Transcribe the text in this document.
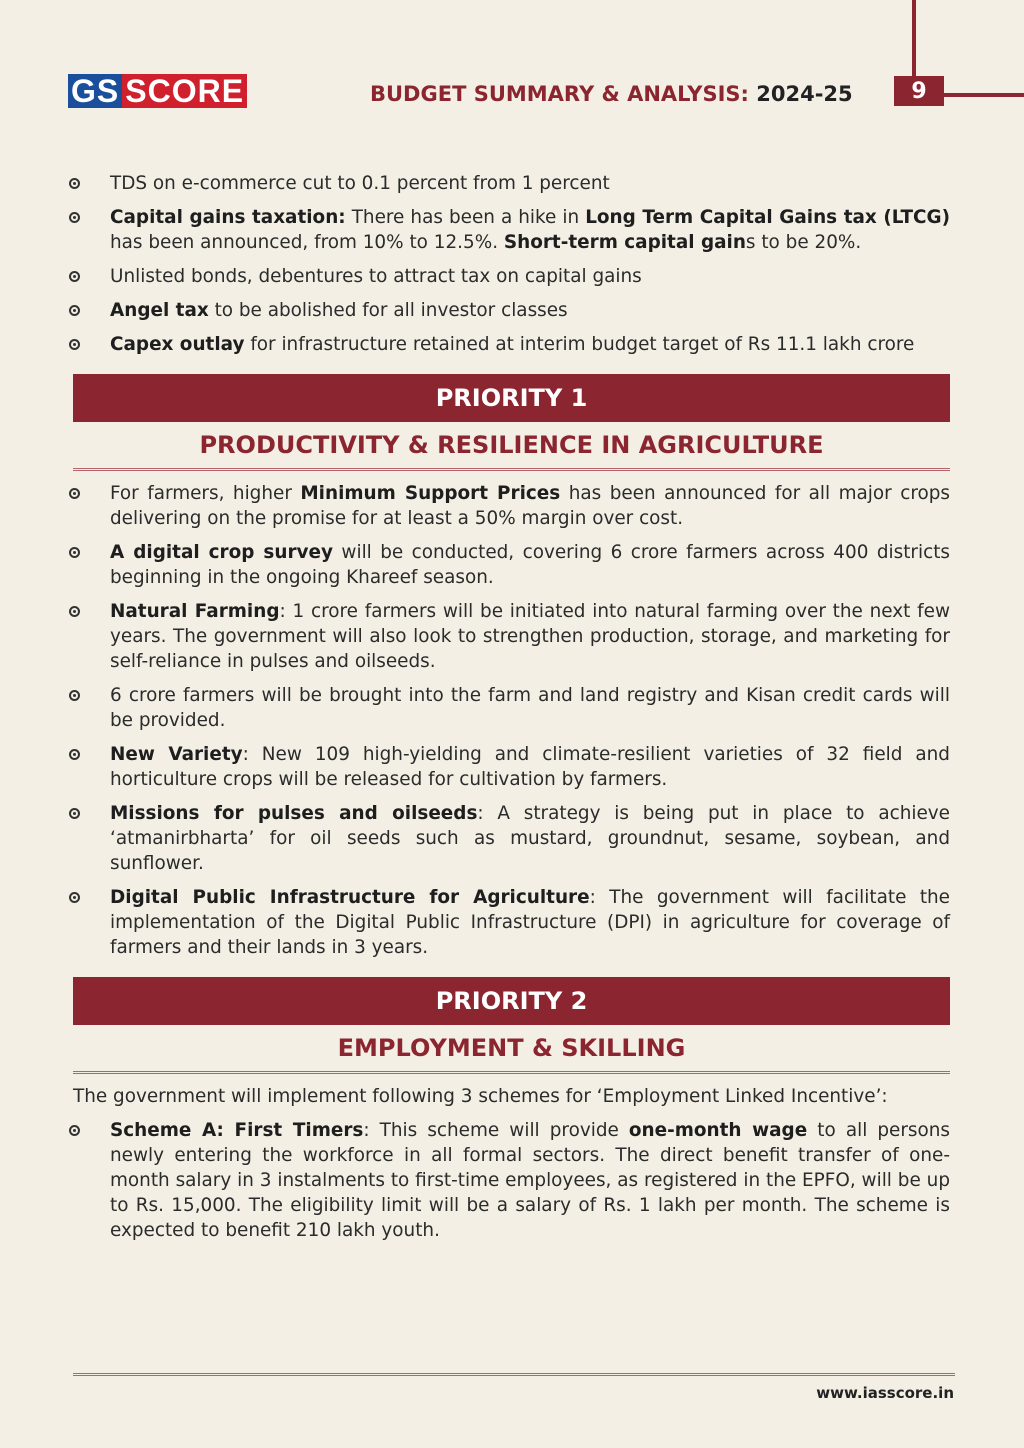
GS SCORE	BUDGET SUMMARY & ANALYSIS: 2024-25	9
TDS on e-commerce cut to 0.1 percent from 1 percent
Capital gains taxation: There has been a hike in Long Term Capital Gains tax (LTCG) has been announced, from 10% to 12.5%. Short-term capital gains to be 20%.
Unlisted bonds, debentures to attract tax on capital gains
Angel tax to be abolished for all investor classes
Capex outlay for infrastructure retained at interim budget target of Rs 11.1 lakh crore
PRIORITY 1
PRODUCTIVITY & RESILIENCE IN AGRICULTURE
For farmers, higher Minimum Support Prices has been announced for all major crops delivering on the promise for at least a 50% margin over cost.
A digital crop survey will be conducted, covering 6 crore farmers across 400 districts beginning in the ongoing Khareef season.
Natural Farming: 1 crore farmers will be initiated into natural farming over the next few years. The government will also look to strengthen production, storage, and marketing for self-reliance in pulses and oilseeds.
6 crore farmers will be brought into the farm and land registry and Kisan credit cards will be provided.
New Variety: New 109 high-yielding and climate-resilient varieties of 32 field and horticulture crops will be released for cultivation by farmers.
Missions for pulses and oilseeds: A strategy is being put in place to achieve ‘atmanirbharta’ for oil seeds such as mustard, groundnut, sesame, soybean, and sunflower.
Digital Public Infrastructure for Agriculture: The government will facilitate the implementation of the Digital Public Infrastructure (DPI) in agriculture for coverage of farmers and their lands in 3 years.
PRIORITY 2
EMPLOYMENT & SKILLING

The government will implement following 3 schemes for ‘Employment Linked Incentive’:

Scheme A: First Timers: This scheme will provide one-month wage to all persons newly entering the workforce in all formal sectors. The direct benefit transfer of one-month salary in 3 instalments to first-time employees, as registered in the EPFO, will be up to Rs. 15,000. The eligibility limit will be a salary of Rs. 1 lakh per month. The scheme is expected to benefit 210 lakh youth.
www.iasscore.in
